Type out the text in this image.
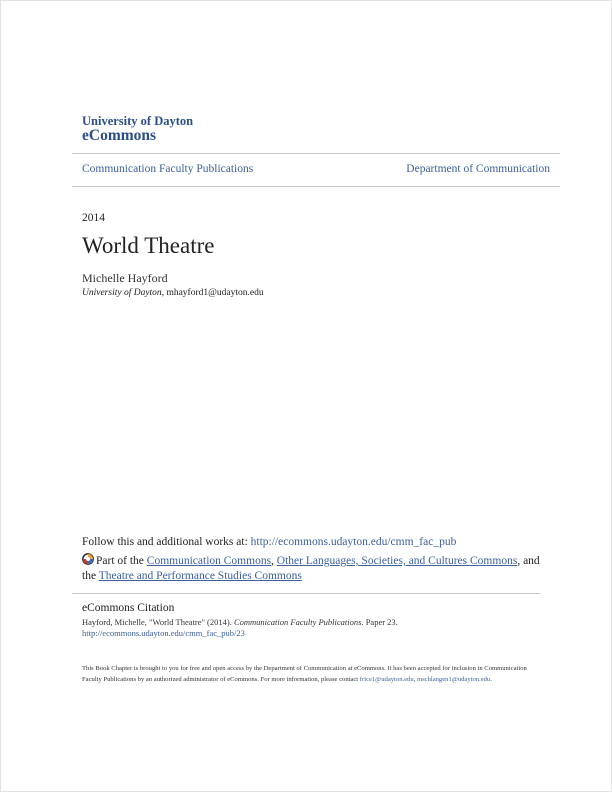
University of Dayton
eCommons
Communication Faculty Publications	Department of Communication
2014
World Theatre
Michelle Hayford
University of Dayton, mhayford1@udayton.edu
Follow this and additional works at: http://ecommons.udayton.edu/cmm_fac_pub
Part of the Communication Commons, Other Languages, Societies, and Cultures Commons, and
the Theatre and Performance Studies Commons
eCommons Citation
Hayford, Michelle, "World Theatre" (2014). Communication Faculty Publications. Paper 23.
http://ecommons.udayton.edu/cmm_fac_pub/23
This Book Chapter is brought to you for free and open access by the Department of Communication at eCommons. It has been accepted for inclusion in Communication Faculty Publications by an authorized administrator of eCommons. For more information, please contact frice1@udayton.edu, mschlangen1@udayton.edu.
